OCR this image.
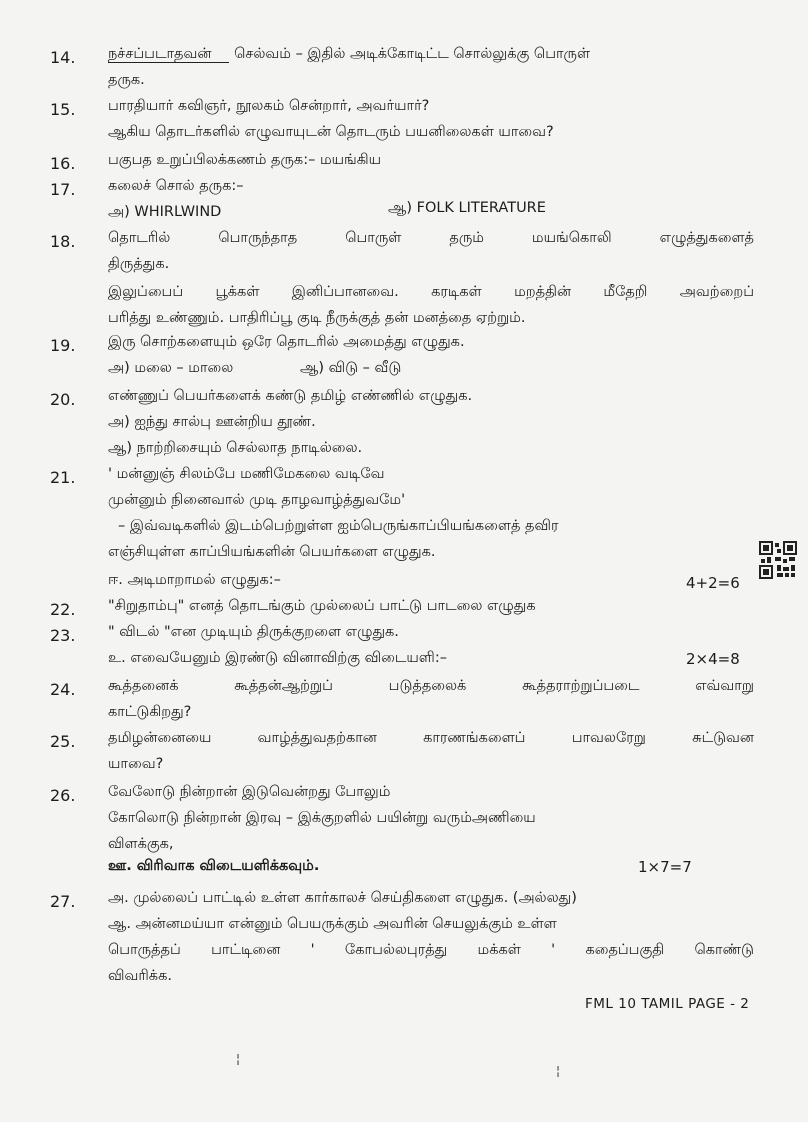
14.	நச்சப்படாதவன் செல்வம் – இதில் அடிக்கோடிட்ட சொல்லுக்கு பொருள்
தருக.
15.	பாரதியார் கவிஞர், நூலகம் சென்றார், அவர்யார்?
ஆகிய தொடர்களில் எழுவாயுடன் தொடரும் பயனிலைகள் யாவை?
16.	பகுபத உறுப்பிலக்கணம் தருக:– மயங்கிய
17.	கலைச் சொல் தருக:–
அ) WHIRLWIND	ஆ) FOLK LITERATURE
18.	தொடரில் பொருந்தாத பொருள் தரும் மயங்கொலி எழுத்துகளைத்
திருத்துக.
இலுப்பைப் பூக்கள் இனிப்பானவை. கரடிகள் மறத்தின் மீதேறி அவற்றைப்
பரித்து உண்ணும். பாதிரிப்பூ குடி நீருக்குத் தன் மனத்தை ஏற்றும்.
19.	இரு சொற்களையும் ஒரே தொடரில் அமைத்து எழுதுக.
அ) மலை – மாலை	ஆ) விடு – வீடு
20.	எண்ணுப் பெயர்களைக் கண்டு தமிழ் எண்ணில் எழுதுக.
அ) ஐந்து சால்பு ஊன்றிய தூண்.
ஆ) நாற்றிசையும் செல்லாத நாடில்லை.
21.	' மன்னுஞ் சிலம்பே மணிமேகலை வடிவே
முன்னும் நினைவால் முடி தாழவாழ்த்துவமே'
– இவ்வடிகளில் இடம்பெற்றுள்ள ஐம்பெருங்காப்பியங்களைத் தவிர
எஞ்சியுள்ள காப்பியங்களின் பெயர்களை எழுதுக.
ஈ. அடிமாறாமல் எழுதுக:–	4+2=6
22.	"சிறுதாம்பு" எனத் தொடங்கும் முல்லைப் பாட்டு பாடலை எழுதுக
23.	" விடல் "என முடியும் திருக்குறளை எழுதுக.
உ. எவையேனும் இரண்டு வினாவிற்கு விடையளி:–	2×4=8
24.	கூத்தனைக் கூத்தன்ஆற்றுப் படுத்தலைக் கூத்தராற்றுப்படை எவ்வாறு
காட்டுகிறது?
25.	தமிழன்னையை வாழ்த்துவதற்கான காரணங்களைப் பாவலரேறு சுட்டுவன
யாவை?
26.	வேலோடு நின்றான் இடுவென்றது போலும்
கோலொடு நின்றான் இரவு – இக்குறளில் பயின்று வரும்அணியை
விளக்குக,
ஊ. விரிவாக விடையளிக்கவும்.	1×7=7
27.	அ. முல்லைப் பாட்டில் உள்ள கார்காலச் செய்திகளை எழுதுக. (அல்லது)
ஆ. அன்னமய்யா என்னும் பெயருக்கும் அவரின் செயலுக்கும் உள்ள
பொருத்தப் பாட்டினை ' கோபல்லபுரத்து மக்கள் ' கதைப்பகுதி கொண்டு
விவரிக்க.
FML 10 TAMIL PAGE - 2
¦
¦
